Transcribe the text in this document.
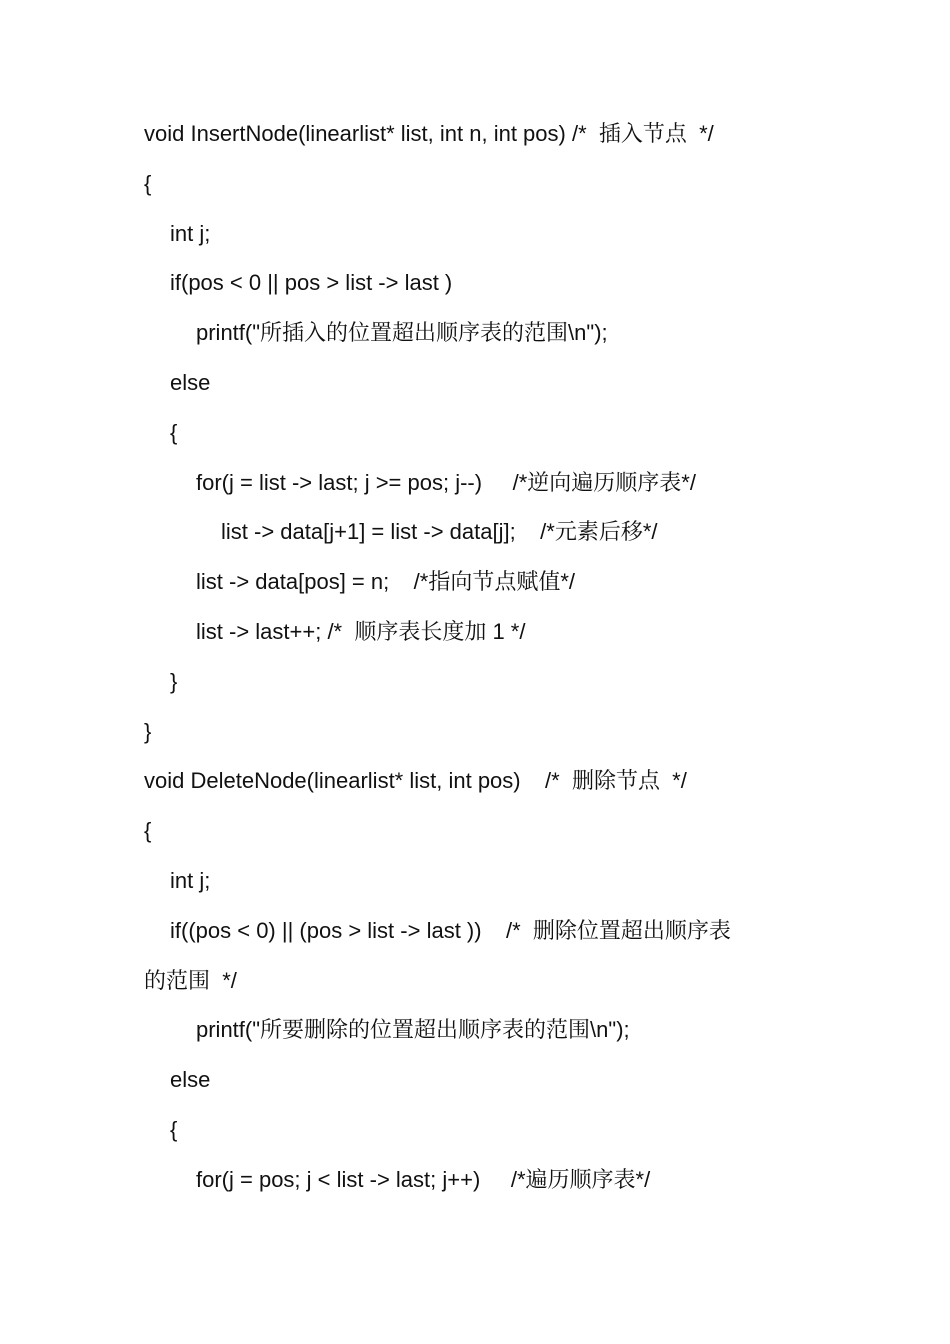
void InsertNode(linearlist* list, int n, int pos) /*  插入节点  */
{
int j;
if(pos < 0 || pos > list -> last )
printf("所插入的位置超出顺序表的范围\n");
else
{
for(j = list -> last; j >= pos; j--)     /*逆向遍历顺序表*/
list -> data[j+1] = list -> data[j];    /*元素后移*/
list -> data[pos] = n;    /*指向节点赋值*/
list -> last++; /*  顺序表长度加 1 */
}
}
void DeleteNode(linearlist* list, int pos)    /*  删除节点  */
{
int j;
if((pos < 0) || (pos > list -> last ))    /*  删除位置超出顺序表
的范围  */
printf("所要删除的位置超出顺序表的范围\n");
else
{
for(j = pos; j < list -> last; j++)     /*遍历顺序表*/
